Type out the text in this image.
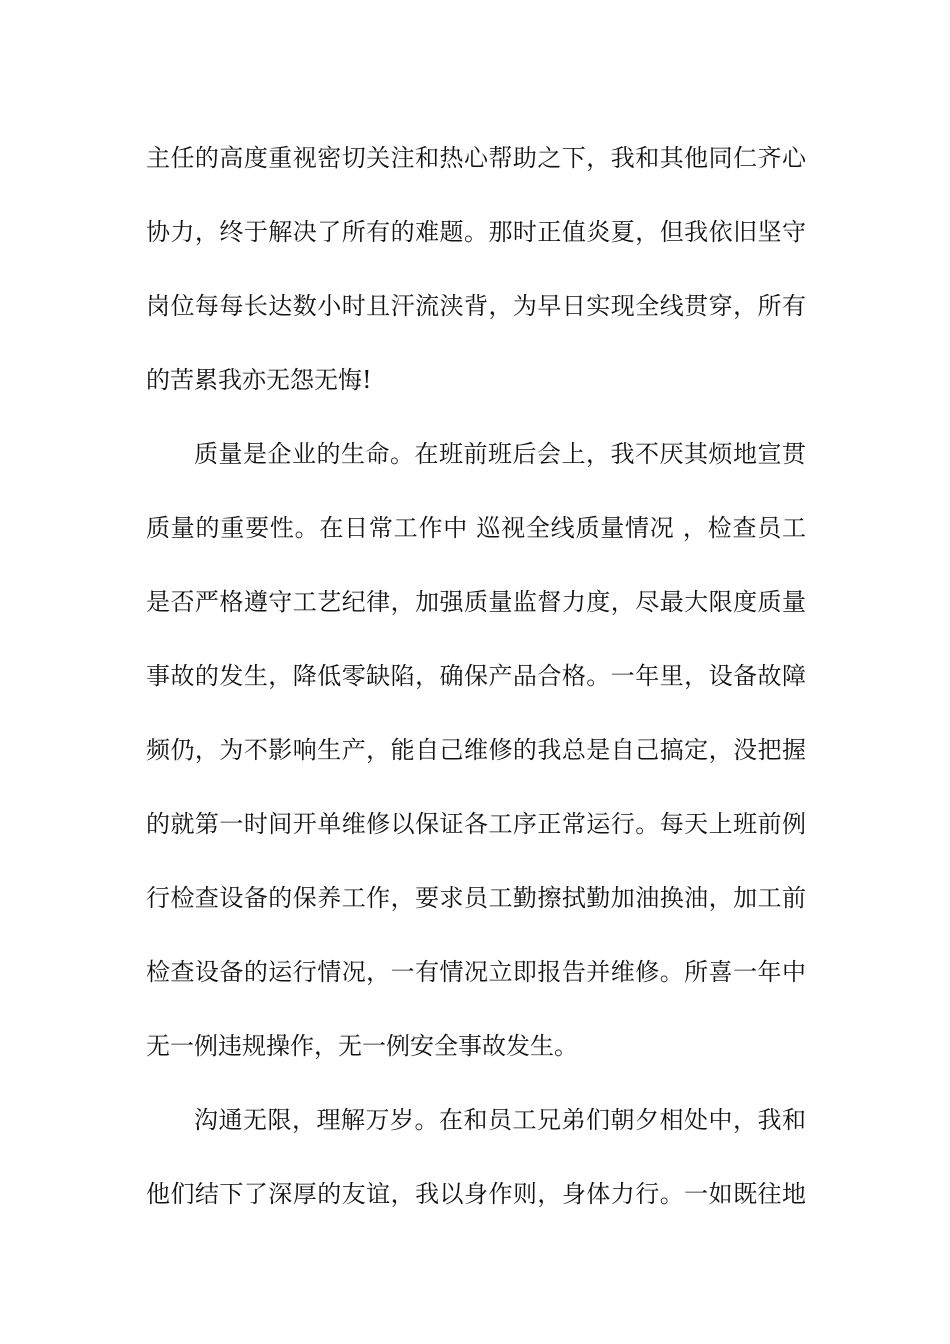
主任的高度重视密切关注和热心帮助之下，我和其他同仁齐心
协力，终于解决了所有的难题。那时正值炎夏，但我依旧坚守
岗位每每长达数小时且汗流浃背，为早日实现全线贯穿，所有
的苦累我亦无怨无悔!
质量是企业的生命。在班前班后会上，我不厌其烦地宣贯
质量的重要性。在日常工作中 巡视全线质量情况 ，检查员工
是否严格遵守工艺纪律，加强质量监督力度，尽最大限度质量
事故的发生，降低零缺陷，确保产品合格。一年里，设备故障
频仍，为不影响生产，能自己维修的我总是自己搞定，没把握
的就第一时间开单维修以保证各工序正常运行。每天上班前例
行检查设备的保养工作，要求员工勤擦拭勤加油换油，加工前
检查设备的运行情况，一有情况立即报告并维修。所喜一年中
无一例违规操作，无一例安全事故发生。
沟通无限，理解万岁。在和员工兄弟们朝夕相处中，我和
他们结下了深厚的友谊，我以身作则，身体力行。一如既往地
